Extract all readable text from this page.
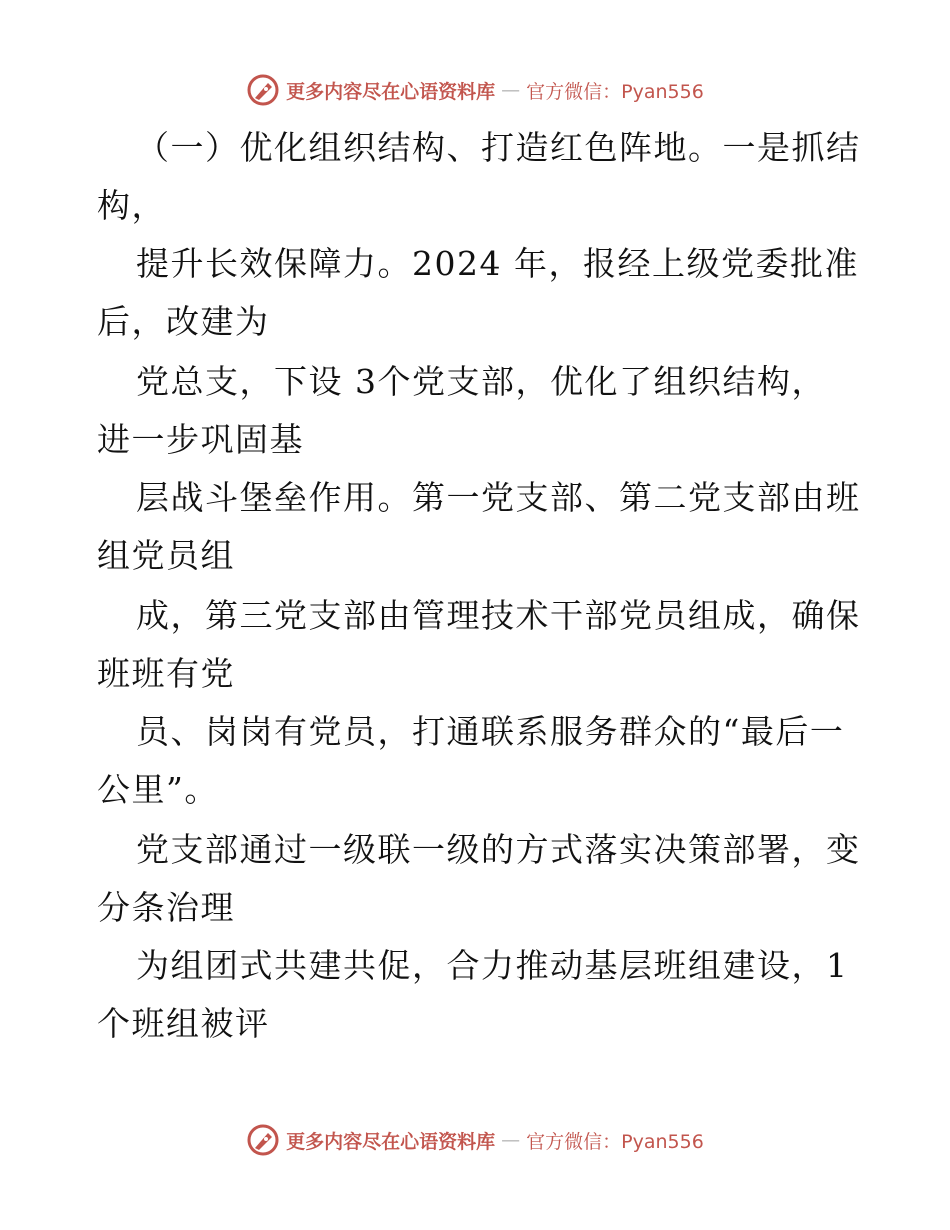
更多内容尽在心语资料库 — 官方微信：Pyan556
（一）优化组织结构、打造红色阵地。一是抓结
构，
提升长效保障力。2024 年，报经上级党委批准
后，改建为
党总支，下设 3个党支部，优化了组织结构，
进一步巩固基
层战斗堡垒作用。第一党支部、第二党支部由班
组党员组
成，第三党支部由管理技术干部党员组成，确保
班班有党
员、岗岗有党员，打通联系服务群众的“最后一
公里”。
党支部通过一级联一级的方式落实决策部署，变
分条治理
为组团式共建共促，合力推动基层班组建设，1
个班组被评
更多内容尽在心语资料库 — 官方微信：Pyan556
